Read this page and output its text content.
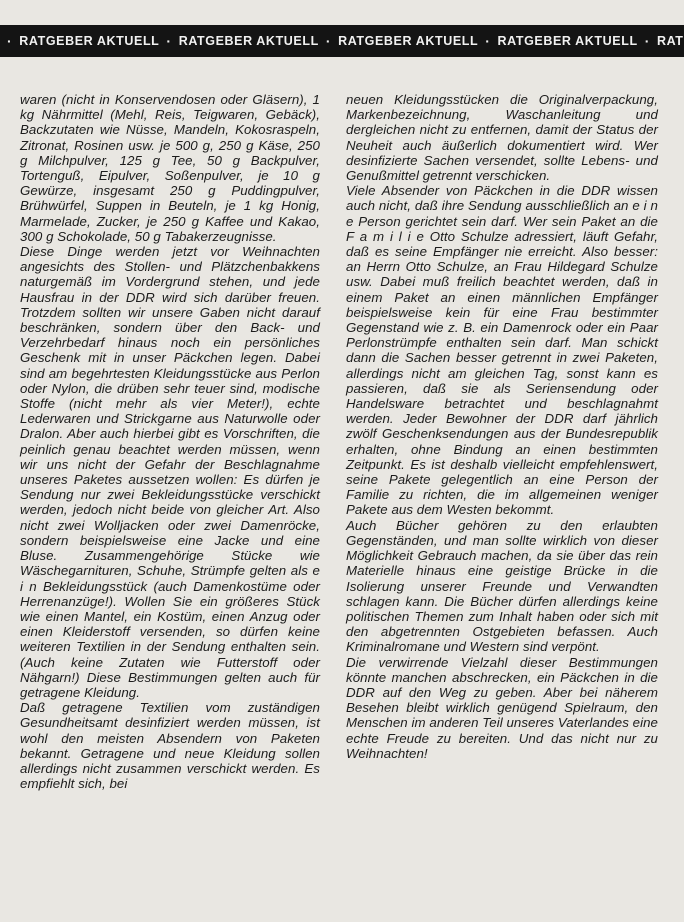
· RATGEBER AKTUELL · RATGEBER AKTUELL · RATGEBER AKTUELL · RATGEBER AKTUELL · RAT

waren (nicht in Konservendosen oder Gläsern), 1 kg Nährmittel (Mehl, Reis, Teigwaren, Gebäck), Backzutaten wie Nüsse, Mandeln, Kokosraspeln, Zitronat, Rosinen usw. je 500 g, 250 g Käse, 250 g Milchpulver, 125 g Tee, 50 g Backpulver, Tortenguß, Eipulver, Soßenpulver, je 10 g Gewürze, insgesamt 250 g Puddingpulver, Brühwürfel, Suppen in Beuteln, je 1 kg Honig, Marmelade, Zucker, je 250 g Kaffee und Kakao, 300 g Schokolade, 50 g Tabakerzeugnisse.

Diese Dinge werden jetzt vor Weihnachten angesichts des Stollen- und Plätzchenbakkens naturgemäß im Vordergrund stehen, und jede Hausfrau in der DDR wird sich darüber freuen. Trotzdem sollten wir unsere Gaben nicht darauf beschränken, sondern über den Back- und Verzehrbedarf hinaus noch ein persönliches Geschenk mit in unser Päckchen legen. Dabei sind am begehrtesten Kleidungsstücke aus Perlon oder Nylon, die drüben sehr teuer sind, modische Stoffe (nicht mehr als vier Meter!), echte Lederwaren und Strickgarne aus Naturwolle oder Dralon. Aber auch hierbei gibt es Vorschriften, die peinlich genau beachtet werden müssen, wenn wir uns nicht der Gefahr der Beschlagnahme unseres Paketes aussetzen wollen: Es dürfen je Sendung nur zwei Bekleidungsstücke verschickt werden, jedoch nicht beide von gleicher Art. Also nicht zwei Wolljacken oder zwei Damenröcke, sondern beispielsweise eine Jacke und eine Bluse. Zusammengehörige Stücke wie Wäschegarnituren, Schuhe, Strümpfe gelten als e i n Bekleidungsstück (auch Damenkostüme oder Herrenanzüge!). Wollen Sie ein größeres Stück wie einen Mantel, ein Kostüm, einen Anzug oder einen Kleiderstoff versenden, so dürfen keine weiteren Textilien in der Sendung enthalten sein. (Auch keine Zutaten wie Futterstoff oder Nähgarn!) Diese Bestimmungen gelten auch für getragene Kleidung.

Daß getragene Textilien vom zuständigen Gesundheitsamt desinfiziert werden müssen, ist wohl den meisten Absendern von Paketen bekannt. Getragene und neue Kleidung sollen allerdings nicht zusammen verschickt werden. Es empfiehlt sich, bei

neuen Kleidungsstücken die Originalverpackung, Markenbezeichnung, Waschanleitung und dergleichen nicht zu entfernen, damit der Status der Neuheit auch äußerlich dokumentiert wird. Wer desinfizierte Sachen versendet, sollte Lebens- und Genußmittel getrennt verschicken.

Viele Absender von Päckchen in die DDR wissen auch nicht, daß ihre Sendung ausschließlich an e i n e Person gerichtet sein darf. Wer sein Paket an die F a m i l i e Otto Schulze adressiert, läuft Gefahr, daß es seine Empfänger nie erreicht. Also besser: an Herrn Otto Schulze, an Frau Hildegard Schulze usw. Dabei muß freilich beachtet werden, daß in einem Paket an einen männlichen Empfänger beispielsweise kein für eine Frau bestimmter Gegenstand wie z. B. ein Damenrock oder ein Paar Perlonstrümpfe enthalten sein darf. Man schickt dann die Sachen besser getrennt in zwei Paketen, allerdings nicht am gleichen Tag, sonst kann es passieren, daß sie als Seriensendung oder Handelsware betrachtet und beschlagnahmt werden. Jeder Bewohner der DDR darf jährlich zwölf Geschenksendungen aus der Bundesrepublik erhalten, ohne Bindung an einen bestimmten Zeitpunkt. Es ist deshalb vielleicht empfehlenswert, seine Pakete gelegentlich an eine Person der Familie zu richten, die im allgemeinen weniger Pakete aus dem Westen bekommt.

Auch Bücher gehören zu den erlaubten Gegenständen, und man sollte wirklich von dieser Möglichkeit Gebrauch machen, da sie über das rein Materielle hinaus eine geistige Brücke in die Isolierung unserer Freunde und Verwandten schlagen kann. Die Bücher dürfen allerdings keine politischen Themen zum Inhalt haben oder sich mit den abgetrennten Ostgebieten befassen. Auch Kriminalromane und Western sind verpönt.

Die verwirrende Vielzahl dieser Bestimmungen könnte manchen abschrecken, ein Päckchen in die DDR auf den Weg zu geben. Aber bei näherem Besehen bleibt wirklich genügend Spielraum, den Menschen im anderen Teil unseres Vaterlandes eine echte Freude zu bereiten. Und das nicht nur zu Weihnachten!
